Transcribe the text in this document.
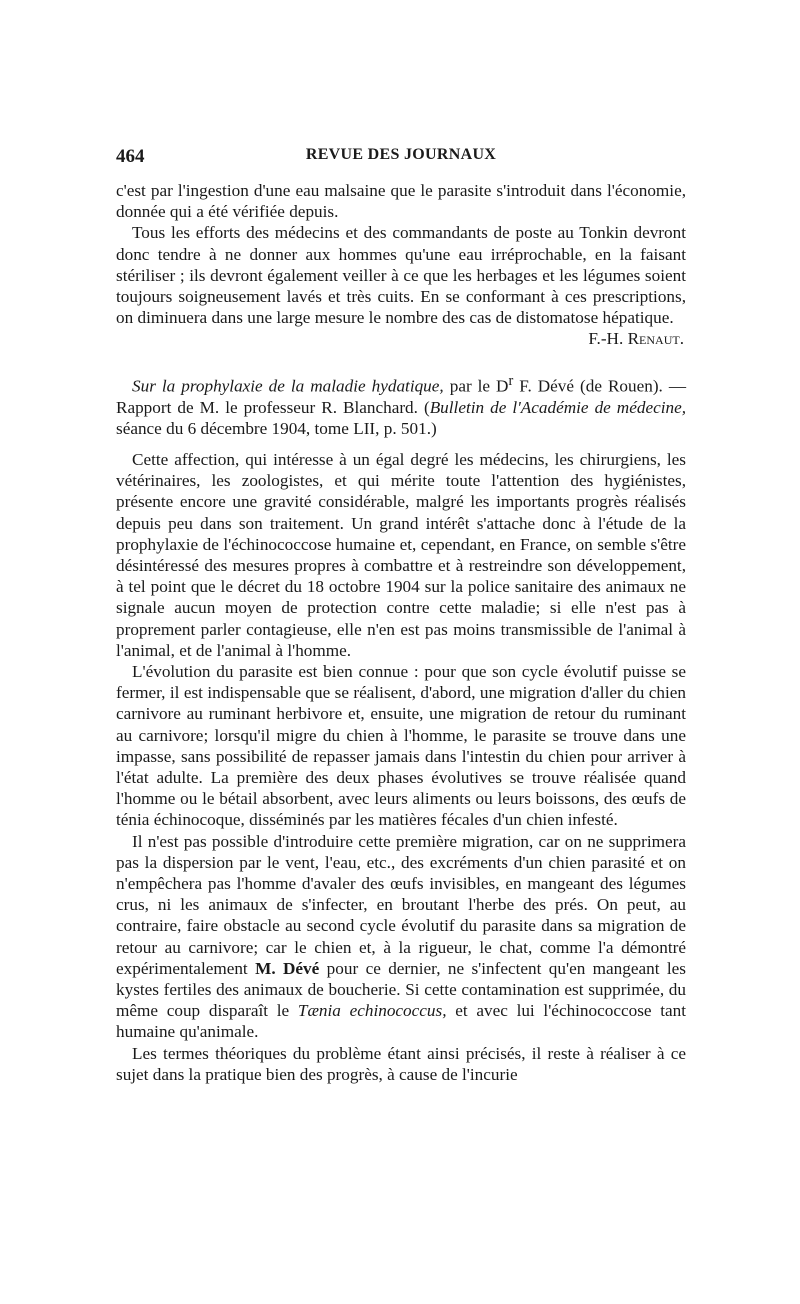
464	REVUE DES JOURNAUX

c'est par l'ingestion d'une eau malsaine que le parasite s'introduit dans l'économie, donnée qui a été vérifiée depuis.

Tous les efforts des médecins et des commandants de poste au Tonkin devront donc tendre à ne donner aux hommes qu'une eau irréprochable, en la faisant stériliser ; ils devront également veiller à ce que les herbages et les légumes soient toujours soigneusement lavés et très cuits. En se conformant à ces prescriptions, on diminuera dans une large mesure le nombre des cas de distomatose hépatique.

F.-H. Renaut.

Sur la prophylaxie de la maladie hydatique, par le $D^r$ F. Dévé (de Rouen). — Rapport de M. le professeur R. Blanchard. (Bulletin de l'Académie de médecine, séance du 6 décembre 1904, tome LII, p. 501.)

Cette affection, qui intéresse à un égal degré les médecins, les chirurgiens, les vétérinaires, les zoologistes, et qui mérite toute l'attention des hygiénistes, présente encore une gravité considérable, malgré les importants progrès réalisés depuis peu dans son traitement. Un grand intérêt s'attache donc à l'étude de la prophylaxie de l'échinococcose humaine et, cependant, en France, on semble s'être désintéressé des mesures propres à combattre et à restreindre son développement, à tel point que le décret du 18 octobre 1904 sur la police sanitaire des animaux ne signale aucun moyen de protection contre cette maladie; si elle n'est pas à proprement parler contagieuse, elle n'en est pas moins transmissible de l'animal à l'animal, et de l'animal à l'homme.

L'évolution du parasite est bien connue : pour que son cycle évolutif puisse se fermer, il est indispensable que se réalisent, d'abord, une migration d'aller du chien carnivore au ruminant herbivore et, ensuite, une migration de retour du ruminant au carnivore; lorsqu'il migre du chien à l'homme, le parasite se trouve dans une impasse, sans possibilité de repasser jamais dans l'intestin du chien pour arriver à l'état adulte. La première des deux phases évolutives se trouve réalisée quand l'homme ou le bétail absorbent, avec leurs aliments ou leurs boissons, des œufs de ténia échinocoque, disséminés par les matières fécales d'un chien infesté.

Il n'est pas possible d'introduire cette première migration, car on ne supprimera pas la dispersion par le vent, l'eau, etc., des excréments d'un chien parasité et on n'empêchera pas l'homme d'avaler des œufs invisibles, en mangeant des légumes crus, ni les animaux de s'infecter, en broutant l'herbe des prés. On peut, au contraire, faire obstacle au second cycle évolutif du parasite dans sa migration de retour au carnivore; car le chien et, à la rigueur, le chat, comme l'a démontré expérimentalement M. Dévé pour ce dernier, ne s'infectent qu'en mangeant les kystes fertiles des animaux de boucherie. Si cette contamination est supprimée, du même coup disparaît le Tænia echinococcus, et avec lui l'échinococcose tant humaine qu'animale.

Les termes théoriques du problème étant ainsi précisés, il reste à réaliser à ce sujet dans la pratique bien des progrès, à cause de l'incurie
